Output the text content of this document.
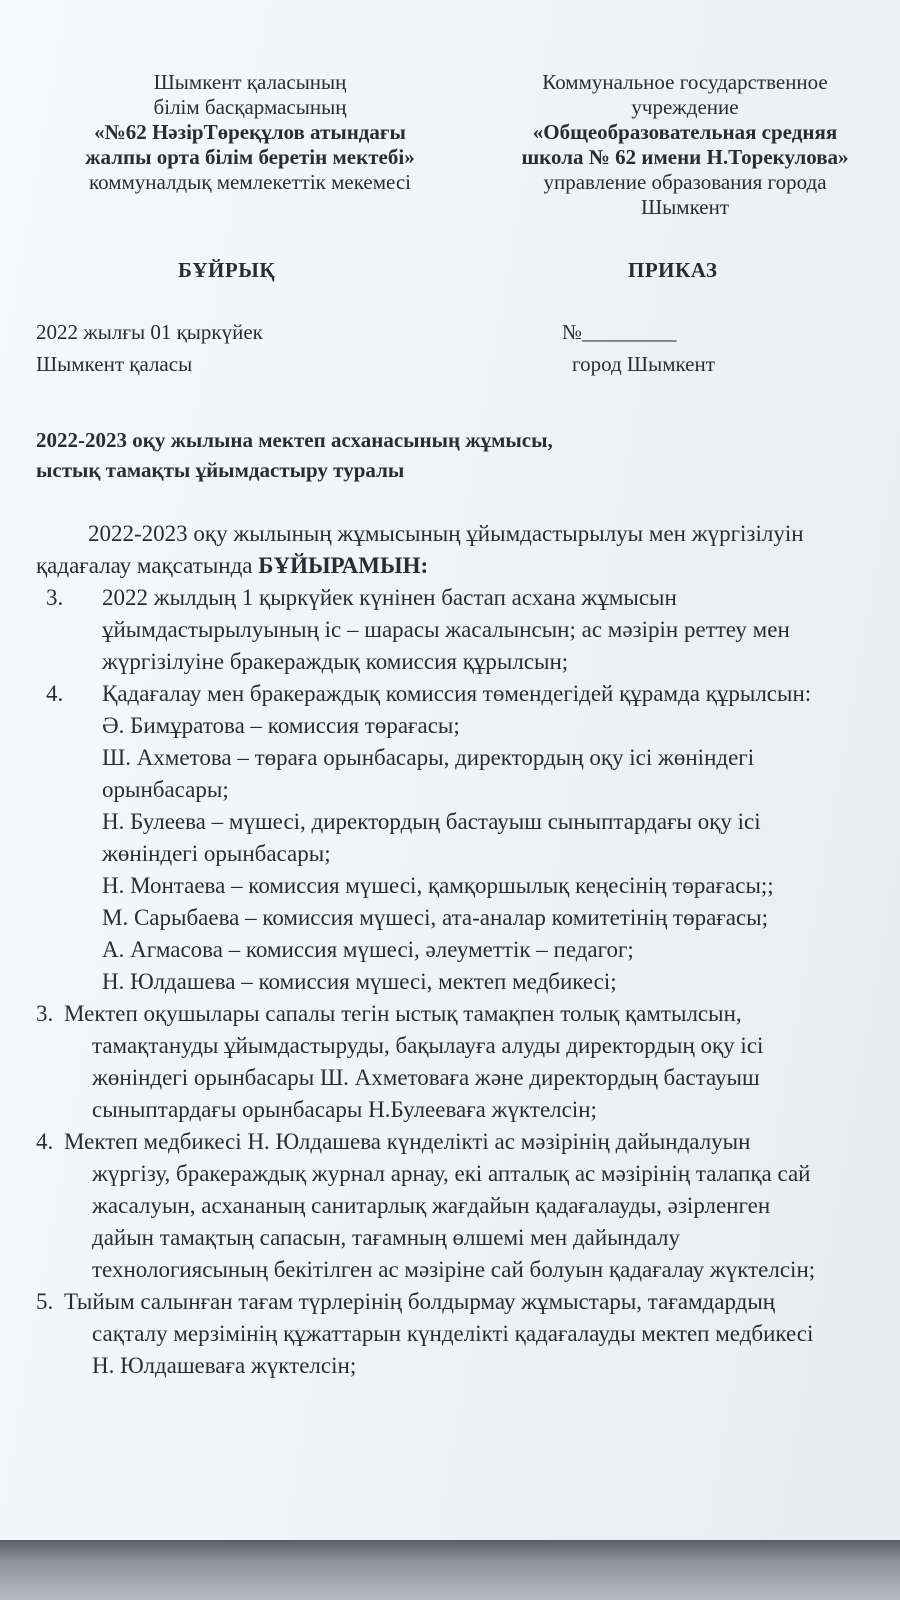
Шымкент қаласының
білім басқармасының
«№62 НәзірТөреқұлов атындағы
жалпы орта білім беретін мектебі»
коммуналдық мемлекеттік мекемесі
Коммунальное государственное
учреждение
«Общеобразовательная средняя
школа № 62 имени Н.Торекулова»
управление образования города
Шымкент
БҰЙРЫҚ	ПРИКАЗ
2022 жылғы 01 қыркүйек	№_________
Шымкент қаласы	город Шымкент
2022-2023 оқу жылына мектеп асханасының жұмысы,
ыстық тамақты ұйымдастыру туралы

2022-2023 оқу жылының жұмысының ұйымдастырылуы мен жүргізілуін

қадағалау мақсатында БҰЙЫРАМЫН:

3. 2022 жылдың 1 қыркүйек күнінен бастап асхана жұмысын
ұйымдастырылуының іс – шарасы жасалынсын; ас мәзірін реттеу мен
жүргізілуіне бракераждық комиссия құрылсын;
4. Қадағалау мен бракераждық комиссия төмендегідей құрамда құрылсын:
Ә. Бимұратова – комиссия төрағасы;
Ш. Ахметова – төраға орынбасары, директордың оқу ісі жөніндегі
орынбасары;
Н. Булеева – мүшесі, директордың бастауыш сыныптардағы оқу ісі
жөніндегі орынбасары;
Н. Монтаева – комиссия мүшесі, қамқоршылық кеңесінің төрағасы;;
М. Сарыбаева – комиссия мүшесі, ата-аналар комитетінің төрағасы;
А. Агмасова – комиссия мүшесі, әлеуметтік – педагог;
Н. Юлдашева – комиссия мүшесі, мектеп медбикесі;
3. Мектеп оқушылары сапалы тегін ыстық тамақпен толық қамтылсын,
тамақтануды ұйымдастыруды, бақылауға алуды директордың оқу ісі
жөніндегі орынбасары Ш. Ахметоваға және директордың бастауыш
сыныптардағы орынбасары Н.Булееваға жүктелсін;
4. Мектеп медбикесі Н. Юлдашева күнделікті ас мәзірінің дайындалуын
жүргізу, бракераждық журнал арнау, екі апталық ас мәзірінің талапқа сай
жасалуын, асхананың санитарлық жағдайын қадағалауды, әзірленген
дайын тамақтың сапасын, тағамның өлшемі мен дайындалу
технологиясының бекітілген ас мәзіріне сай болуын қадағалау жүктелсін;
5. Тыйым салынған тағам түрлерінің болдырмау жұмыстары, тағамдардың
сақталу мерзімінің құжаттарын күнделікті қадағалауды мектеп медбикесі
Н. Юлдашеваға жүктелсін;
